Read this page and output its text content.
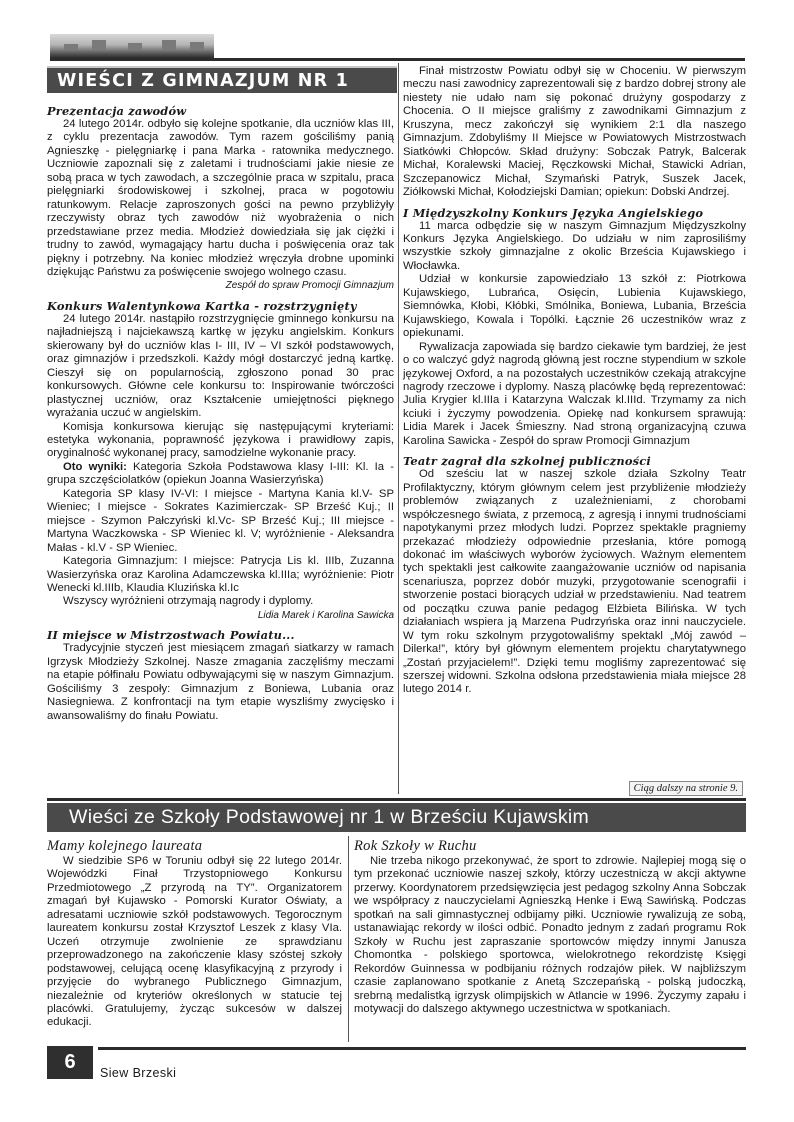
WIEŚCI Z GIMNAZJUM NR 1
Prezentacja zawodów

24 lutego 2014r. odbyło się kolejne spotkanie, dla uczniów klas III, z cyklu prezentacja zawodów. Tym razem gościliśmy panią Agnieszkę - pielęgniarkę i pana Marka - ratownika medycznego. Uczniowie zapoznali się z zaletami i trudnościami jakie niesie ze sobą praca w tych zawodach, a szczególnie praca w szpitalu, praca pielęgniarki środowiskowej i szkolnej, praca w pogotowiu ratunkowym. Relacje zaproszonych gości na pewno przybliżyły rzeczywisty obraz tych zawodów niż wyobrażenia o nich przedstawiane przez media. Młodzież dowiedziała się jak ciężki i trudny to zawód, wymagający hartu ducha i poświęcenia oraz tak piękny i potrzebny. Na koniec młodzież wręczyła drobne upominki dziękując Państwu za poświęcenie swojego wolnego czasu.

Zespół do spraw Promocji Gimnazjum

Konkurs Walentynkowa Kartka - rozstrzygnięty

24 lutego 2014r. nastąpiło rozstrzygnięcie gminnego konkursu na najładniejszą i najciekawszą kartkę w języku angielskim. Konkurs skierowany był do uczniów klas I- III, IV – VI szkół podstawowych, oraz gimnazjów i przedszkoli. Każdy mógł dostarczyć jedną kartkę. Cieszył się on popularnością, zgłoszono ponad 30 prac konkursowych. Główne cele konkursu to: Inspirowanie twórczości plastycznej uczniów, oraz Kształcenie umiejętności pięknego wyrażania uczuć w angielskim.

Komisja konkursowa kierując się następującymi kryteriami: estetyka wykonania, poprawność językowa i prawidłowy zapis, oryginalność wykonanej pracy, samodzielne wykonanie pracy.

Oto wyniki: Kategoria Szkoła Podstawowa klasy I-III: Kl. Ia - grupa szczęściolatków (opiekun Joanna Wasierzyńska)

Kategoria SP klasy IV-VI: I miejsce - Martyna Kania kl.V- SP Wieniec; I miejsce - Sokrates Kazimierczak- SP Brześć Kuj.; II miejsce - Szymon Pałczyński kl.Vc- SP Brześć Kuj.; III miejsce - Martyna Waczkowska - SP Wieniec kl. V; wyróżnienie - Aleksandra Małas - kl.V - SP Wieniec.

Kategoria Gimnazjum: I miejsce: Patrycja Lis kl. IIIb, Zuzanna Wasierzyńska oraz Karolina Adamczewska kl.IIIa; wyróżnienie: Piotr Wenecki kl.IIIb, Klaudia Kluzińska kl.Ic

Wszyscy wyróżnieni otrzymają nagrody i dyplomy.

Lidia Marek i Karolina Sawicka

II miejsce w Mistrzostwach Powiatu...

Tradycyjnie styczeń jest miesiącem zmagań siatkarzy w ramach Igrzysk Młodzieży Szkolnej. Nasze zmagania zaczęliśmy meczami na etapie półfinału Powiatu odbywającymi się w naszym Gimnazjum. Gościliśmy 3 zespoły: Gimnazjum z Boniewa, Lubania oraz Nasiegniewa. Z konfrontacji na tym etapie wyszliśmy zwycięsko i awansowaliśmy do finału Powiatu.

Finał mistrzostw Powiatu odbył się w Choceniu. W pierwszym meczu nasi zawodnicy zaprezentowali się z bardzo dobrej strony ale niestety nie udało nam się pokonać drużyny gospodarzy z Chocenia. O II miejsce graliśmy z zawodnikami Gimnazjum z Kruszyna, mecz zakończył się wynikiem 2:1 dla naszego Gimnazjum. Zdobyliśmy II Miejsce w Powiatowych Mistrzostwach Siatkówki Chłopców. Skład drużyny: Sobczak Patryk, Balcerak Michał, Koralewski Maciej, Ręczkowski Michał, Stawicki Adrian, Szczepanowicz Michał, Szymański Patryk, Suszek Jacek, Ziółkowski Michał, Kołodziejski Damian; opiekun: Dobski Andrzej.

I Międzyszkolny Konkurs Języka Angielskiego

11 marca odbędzie się w naszym Gimnazjum Międzyszkolny Konkurs Języka Angielskiego. Do udziału w nim zaprosiliśmy wszystkie szkoły gimnazjalne z okolic Brześcia Kujawskiego i Włocławka.

Udział w konkursie zapowiedziało 13 szkół z: Piotrkowa Kujawskiego, Lubrańca, Osięcin, Lubienia Kujawskiego, Siemnówka, Kłobi, Kłóbki, Smólnika, Boniewa, Lubania, Brześcia Kujawskiego, Kowala i Topólki. Łącznie 26 uczestników wraz z opiekunami.

Rywalizacja zapowiada się bardzo ciekawie tym bardziej, że jest o co walczyć gdyż nagrodą główną jest roczne stypendium w szkole językowej Oxford, a na pozostałych uczestników czekają atrakcyjne nagrody rzeczowe i dyplomy. Naszą placówkę będą reprezentować: Julia Krygier kl.IIIa i Katarzyna Walczak kl.IIId. Trzymamy za nich kciuki i życzymy powodzenia. Opiekę nad konkursem sprawują: Lidia Marek i Jacek Śmieszny. Nad stroną organizacyjną czuwa Karolina Sawicka - Zespół do spraw Promocji Gimnazjum

Teatr zagrał dla szkolnej publiczności

Od sześciu lat w naszej szkole działa Szkolny Teatr Profilaktyczny, którym głównym celem jest przybliżenie młodzieży problemów związanych z uzależnieniami, z chorobami współczesnego świata, z przemocą, z agresją i innymi trudnościami napotykanymi przez młodych ludzi. Poprzez spektakle pragniemy przekazać młodzieży odpowiednie przesłania, które pomogą dokonać im właściwych wyborów życiowych. Ważnym elementem tych spektakli jest całkowite zaangażowanie uczniów od napisania scenariusza, poprzez dobór muzyki, przygotowanie scenografii i stworzenie postaci biorących udział w przedstawieniu. Nad teatrem od początku czuwa panie pedagog Elżbieta Bilińska. W tych działaniach wspiera ją Marzena Pudrzyńska oraz inni nauczyciele. W tym roku szkolnym przygotowaliśmy spektakl „Mój zawód – Dilerka!”, który był głównym elementem projektu charytatywnego „Zostań przyjacielem!”. Dzięki temu mogliśmy zaprezentować się szerszej widowni. Szkolna odsłona przedstawienia miała miejsce 28 lutego 2014 r.

Ciąg dalszy na stronie 9.
Wieści ze Szkoły Podstawowej nr 1 w Brześciu Kujawskim
Mamy kolejnego laureata

W siedzibie SP6 w Toruniu odbył się 22 lutego 2014r. Wojewódzki Finał Trzystopniowego Konkursu Przedmiotowego „Z przyrodą na TY”. Organizatorem zmagań był Kujawsko - Pomorski Kurator Oświaty, a adresatami uczniowie szkół podstawowych. Tegorocznym laureatem konkursu został Krzysztof Leszek z klasy VIa. Uczeń otrzymuje zwolnienie ze sprawdzianu przeprowadzonego na zakończenie klasy szóstej szkoły podstawowej, celującą ocenę klasyfikacyjną z przyrody i przyjęcie do wybranego Publicznego Gimnazjum, niezależnie od kryteriów określonych w statucie tej placówki. Gratulujemy, życząc sukcesów w dalszej edukacji.

Rok Szkoły w Ruchu

Nie trzeba nikogo przekonywać, że sport to zdrowie. Najlepiej mogą się o tym przekonać uczniowie naszej szkoły, którzy uczestniczą w akcji aktywne przerwy. Koordynatorem przedsięwzięcia jest pedagog szkolny Anna Sobczak we współpracy z nauczycielami Agnieszką Henke i Ewą Sawińską. Podczas spotkań na sali gimnastycznej odbijamy piłki. Uczniowie rywalizują ze sobą, ustanawiając rekordy w ilości odbić. Ponadto jednym z zadań programu Rok Szkoły w Ruchu jest zapraszanie sportowców między innymi Janusza Chomontka - polskiego sportowca, wielokrotnego rekordzistę Księgi Rekordów Guinnessa w podbijaniu różnych rodzajów piłek. W najbliższym czasie zaplanowano spotkanie z Anetą Szczepańską - polską judoczką, srebrną medalistką igrzysk olimpijskich w Atlancie w 1996. Życzymy zapału i motywacji do dalszego aktywnego uczestnictwa w spotkaniach.

6	Siew Brzeski
